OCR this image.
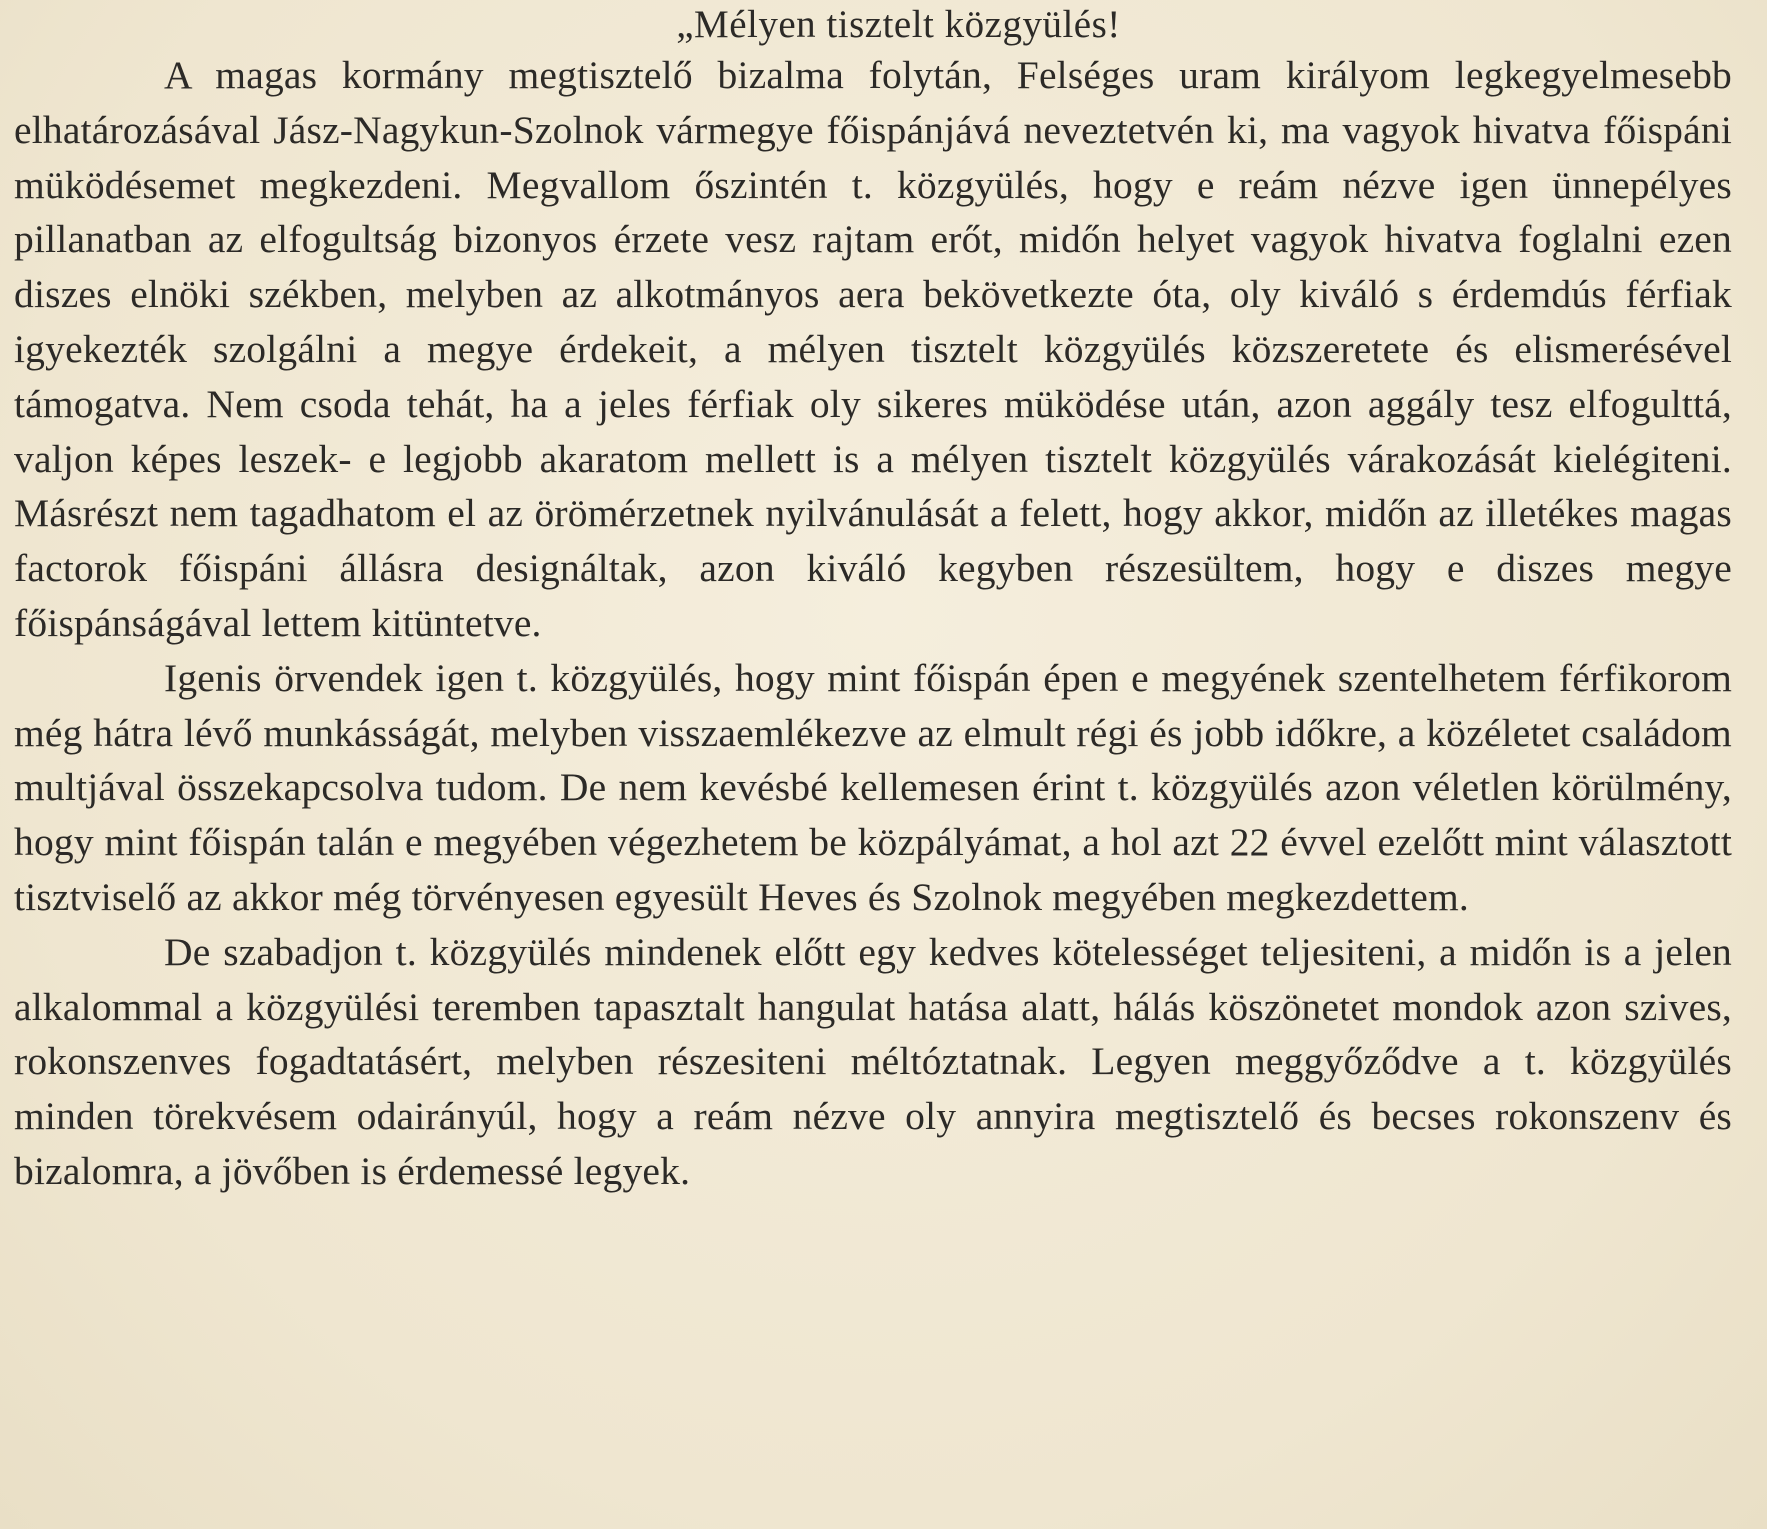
„Mélyen tisztelt közgyülés!

A magas kormány megtisztelő bizalma folytán, Felséges uram királyom legkegyelmesebb elhatározásával Jász-Nagykun-Szolnok vármegye főispánjává neveztetvén ki, ma vagyok hivatva főispáni müködésemet megkezdeni. Megvallom őszintén t. közgyülés, hogy e reám nézve igen ünnepélyes pillanatban az elfogultság bizonyos érzete vesz rajtam erőt, midőn helyet vagyok hivatva foglalni ezen diszes elnöki székben, melyben az alkotmányos aera bekövetkezte óta, oly kiváló s érdemdús férfiak igyekezték szolgálni a megye érdekeit, a mélyen tisztelt közgyülés közszeretete és elismerésével támogatva. Nem csoda tehát, ha a jeles férfiak oly sikeres müködése után, azon aggály tesz elfogulttá, valjon képes leszek- e legjobb akaratom mellett is a mélyen tisztelt közgyülés várakozását kielégiteni. Másrészt nem tagadhatom el az örömérzetnek nyilvánulását a felett, hogy akkor, midőn az illetékes magas factorok főispáni állásra designáltak, azon kiváló kegyben részesültem, hogy e diszes megye főispánságával lettem kitüntetve.

Igenis örvendek igen t. közgyülés, hogy mint főispán épen e megyének szentelhetem férfikorom még hátra lévő munkásságát, melyben visszaemlékezve az elmult régi és jobb időkre, a közéletet családom multjával összekapcsolva tudom. De nem kevésbé kellemesen érint t. közgyülés azon véletlen körülmény, hogy mint főispán talán e megyében végezhetem be közpályámat, a hol azt 22 évvel ezelőtt mint választott tisztviselő az akkor még törvényesen egyesült Heves és Szolnok megyében megkezdettem.

De szabadjon t. közgyülés mindenek előtt egy kedves kötelességet teljesiteni, a midőn is a jelen alkalommal a közgyülési teremben tapasztalt hangulat hatása alatt, hálás köszönetet mondok azon szives, rokonszenves fogadtatásért, melyben részesiteni méltóztatnak. Legyen meggyőződve a t. közgyülés minden törekvésem odairányúl, hogy a reám nézve oly annyira megtisztelő és becses rokonszenv és bizalomra, a jövőben is érdemessé legyek.
